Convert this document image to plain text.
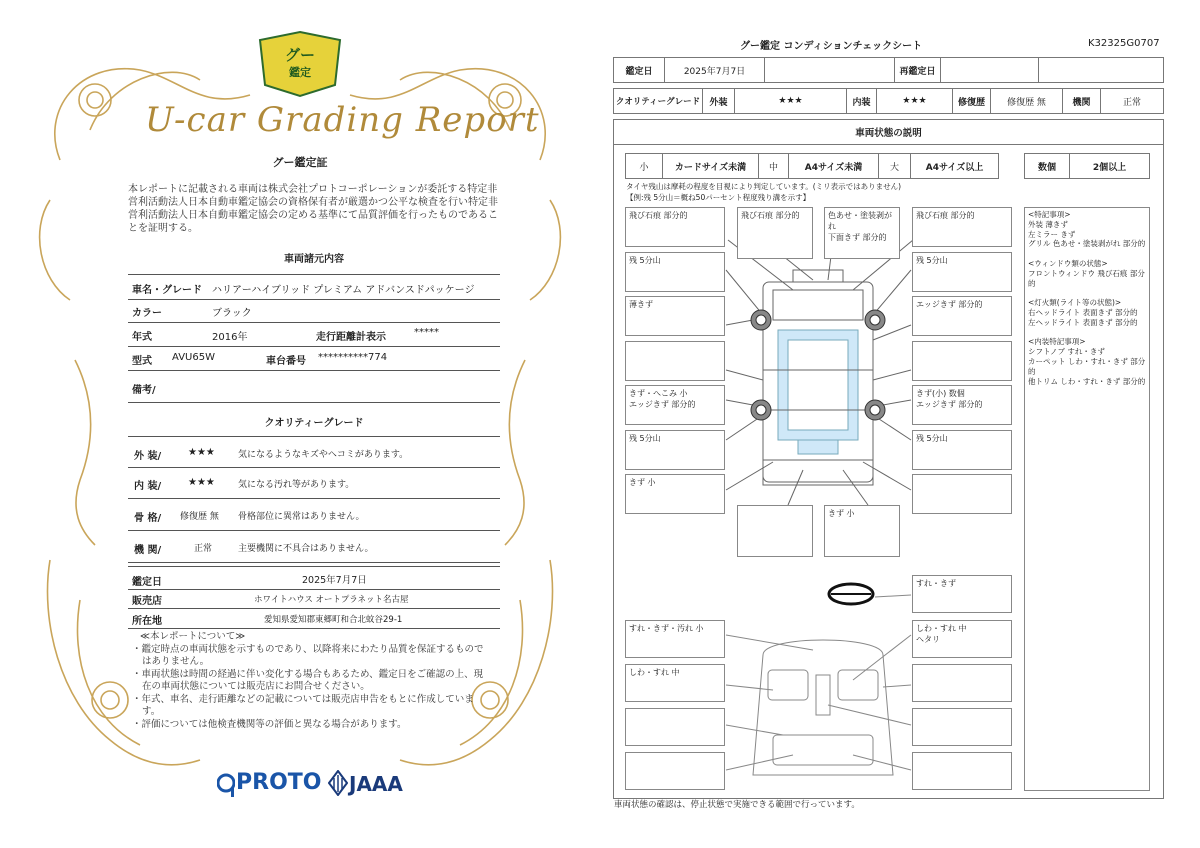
グー
鑑定
U-car Grading Report
グー鑑定証
本レポートに記載される車両は株式会社プロトコーポレーションが委託する特定非営利活動法人日本自動車鑑定協会の資格保有者が厳選かつ公平な検査を行い特定非営利活動法人日本自動車鑑定協会の定める基準にて品質評価を行ったものであることを証明する。
車両諸元内容
車名・グレード ハリアーハイブリッド プレミアム アドバンスドパッケージ
カラー	ブラック
年式	2016年	走行距離計表示	*****
型式 AVU65W	車台番号 **********774
備考/
クオリティーグレード
外 装/	★★★	気になるようなキズやヘコミがあります。
内 装/	★★★	気になる汚れ等があります。
骨 格/ 修復歴 無 骨格部位に異常はありません。
機 関/	正常	主要機関に不具合はありません。
鑑定日	2025年7月7日
販売店	ホワイトハウス オートプラネット名古屋
所在地	愛知県愛知郡東郷町和合北蚊谷29-1
≪本レポートについて≫
・鑑定時点の車両状態を示すものであり、以降将来にわたり品質を保証するものではありません。
・車両状態は時間の経過に伴い変化する場合もあるため、鑑定日をご確認の上、現在の車両状態については販売店にお問合せください。
・年式、車名、走行距離などの記載については販売店申告をもとに作成しています。
・評価については他検査機関等の評価と異なる場合があります。
PROTO JAAA
グー鑑定 コンディションチェックシート	K32325G0707
鑑定日	2025年7月7日	再鑑定日
クオリティーグレード	外装	★★★	内装	★★★	修復歴	修復歴 無	機関	正常
車両状態の説明
小	カードサイズ未満	中	A4サイズ未満	大	A4サイズ以上	数個	2個以上
タイヤ残山は摩耗の程度を目視により判定しています。(ミリ表示ではありません)
【例:残 5分山＝概ね50パーセント程度残り溝を示す】
飛び石痕 部分的	飛び石痕 部分的	色あせ・塗装剥がれ
下面きず 部分的
飛び石痕 部分的
残 5分山
薄きず
きず・へこみ 小
エッジきず 部分的
残 5分山
きず 小
残 5分山
エッジきず 部分的
きず(小) 数個
エッジきず 部分的
残 5分山
きず 小
<特記事項>
外装 薄きず
左ミラー きず
グリル 色あせ・塗装剥がれ 部分的
<ウィンドウ類の状態>
フロントウィンドウ 飛び石痕 部分的
<灯火類(ライト等の状態)>
右ヘッドライト 表面きず 部分的
左ヘッドライト 表面きず 部分的
<内装特記事項>
シフトノブ すれ・きず
カーペット しわ・すれ・きず 部分的
他トリム しわ・すれ・きず 部分的
すれ・きず
すれ・きず・汚れ 小	しわ・すれ 中
ヘタリ
しわ・すれ 中
車両状態の確認は、停止状態で実施できる範囲で行っています。
